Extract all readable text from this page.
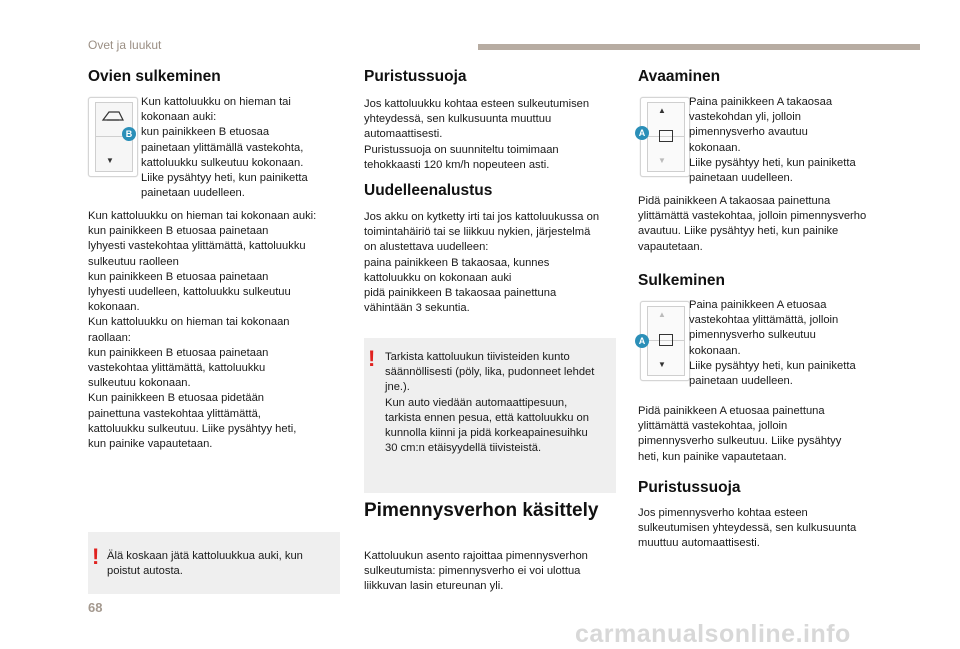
Ovet ja luukut
Ovien sulkeminen
▼
B
Kun kattoluukku on hieman tai
kokonaan auki:
kun painikkeen B etuosaa
painetaan ylittämällä vastekohta,
kattoluukku sulkeutuu kokonaan.
Liike pysähtyy heti, kun painiketta
painetaan uudelleen.
Kun kattoluukku on hieman tai kokonaan auki:
kun painikkeen B etuosaa painetaan
lyhyesti vastekohtaa ylittämättä, kattoluukku
sulkeutuu raolleen
kun painikkeen B etuosaa painetaan
lyhyesti uudelleen, kattoluukku sulkeutuu
kokonaan.
Kun kattoluukku on hieman tai kokonaan
raollaan:
kun painikkeen B etuosaa painetaan
vastekohtaa ylittämättä, kattoluukku
sulkeutuu kokonaan.
Kun painikkeen B etuosaa pidetään
painettuna vastekohtaa ylittämättä,
kattoluukku sulkeutuu. Liike pysähtyy heti,
kun painike vapautetaan.
! Älä koskaan jätä kattoluukkua auki, kun
poistut autosta.
Puristussuoja
Jos kattoluukku kohtaa esteen sulkeutumisen
yhteydessä, sen kulkusuunta muuttuu
automaattisesti.
Puristussuoja on suunniteltu toimimaan
tehokkaasti 120 km/h nopeuteen asti.
Uudelleenalustus
Jos akku on kytketty irti tai jos kattoluukussa on
toimintahäiriö tai se liikkuu nykien, järjestelmä
on alustettava uudelleen:
paina painikkeen B takaosaa, kunnes
kattoluukku on kokonaan auki
pidä painikkeen B takaosaa painettuna
vähintään 3 sekuntia.
! Tarkista kattoluukun tiivisteiden kunto
säännöllisesti (pöly, lika, pudonneet lehdet
jne.).
Kun auto viedään automaattipesuun,
tarkista ennen pesua, että kattoluukku on
kunnolla kiinni ja pidä korkeapainesuihku
30 cm:n etäisyydellä tiivisteistä.
Pimennysverhon käsittely
Kattoluukun asento rajoittaa pimennysverhon
sulkeutumista: pimennysverho ei voi ulottua
liikkuvan lasin etureunan yli.
Avaaminen
▲
▼
A
Paina painikkeen A takaosaa
vastekohdan yli, jolloin
pimennysverho avautuu
kokonaan.
Liike pysähtyy heti, kun painiketta
painetaan uudelleen.
Pidä painikkeen A takaosaa painettuna
ylittämättä vastekohtaa, jolloin pimennysverho
avautuu. Liike pysähtyy heti, kun painike
vapautetaan.
Sulkeminen
▲
▼
A
Paina painikkeen A etuosaa
vastekohtaa ylittämättä, jolloin
pimennysverho sulkeutuu
kokonaan.
Liike pysähtyy heti, kun painiketta
painetaan uudelleen.
Pidä painikkeen A etuosaa painettuna
ylittämättä vastekohtaa, jolloin
pimennysverho sulkeutuu. Liike pysähtyy
heti, kun painike vapautetaan.
Puristussuoja
Jos pimennysverho kohtaa esteen
sulkeutumisen yhteydessä, sen kulkusuunta
muuttuu automaattisesti.
68
carmanualsonline.info
